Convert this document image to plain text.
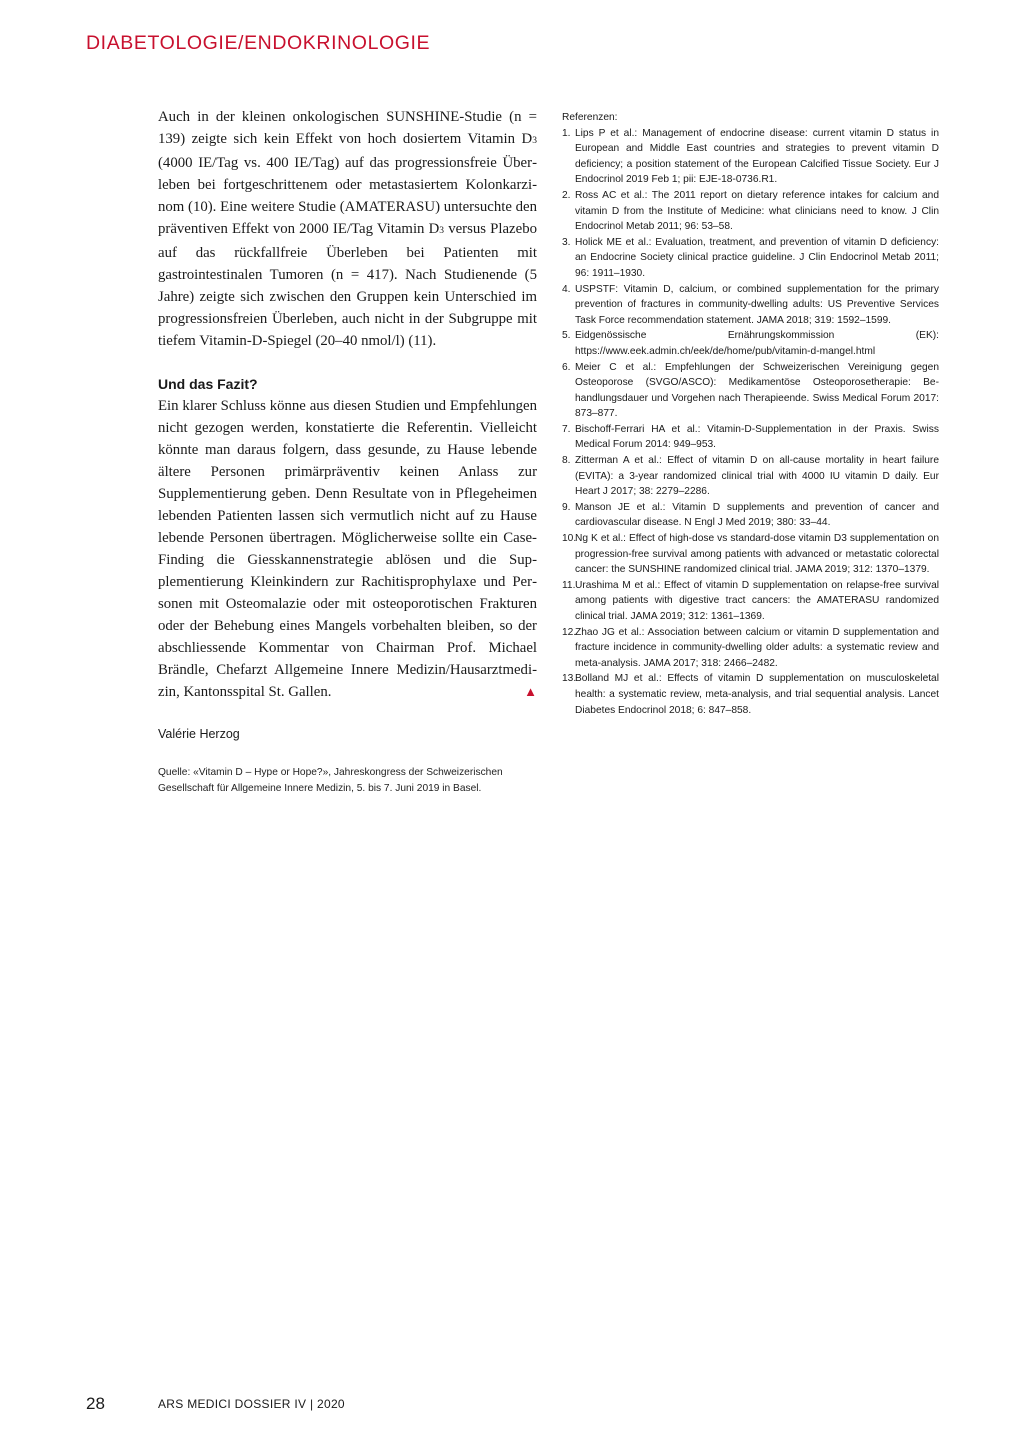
DIABETOLOGIE/ENDOKRINOLOGIE

Auch in der kleinen onkologischen SUNSHINE-Studie (n = 139) zeigte sich kein Effekt von hoch dosiertem Vitamin D3 (4000 IE/Tag vs. 400 IE/Tag) auf das progressionsfreie Überleben bei fortgeschrittenem oder metastasiertem Kolonkarzinom (10). Eine weitere Studie (AMATERASU) untersuchte den präventiven Effekt von 2000 IE/Tag Vitamin D3 versus Plazebo auf das rückfallfreie Überleben bei Patienten mit gastrointestinalen Tumoren (n = 417). Nach Studienende (5 Jahre) zeigte sich zwischen den Gruppen kein Unterschied im progressionsfreien Überleben, auch nicht in der Subgruppe mit tiefem Vitamin-D-Spiegel (20–40 nmol/l) (11).

Und das Fazit?

Ein klarer Schluss könne aus diesen Studien und Empfehlungen nicht gezogen werden, konstatierte die Referentin. Vielleicht könnte man daraus folgern, dass gesunde, zu Hause lebende ältere Personen primärpräventiv keinen Anlass zur Supplementierung geben. Denn Resultate von in Pflegeheimen lebenden Patienten lassen sich vermutlich nicht auf zu Hause lebende Personen übertragen. Möglicherweise sollte ein Case-Finding die Giesskannenstrategie ablösen und die Supplementierung Kleinkindern zur Rachitisprophylaxe und Personen mit Osteomalazie oder mit osteoporotischen Frakturen oder der Behebung eines Mangels vorbehalten bleiben, so der abschliessende Kommentar von Chairman Prof. Michael Brändle, Chefarzt Allgemeine Innere Medizin/Hausarztmedizin, Kantonsspital St. Gallen.	▲

Valérie Herzog
Quelle: «Vitamin D – Hype or Hope?», Jahreskongress der Schweizerischen Gesellschaft für Allgemeine Innere Medizin, 5. bis 7. Juni 2019 in Basel.

Referenzen:

1. Lips P et al.: Management of endocrine disease: current vitamin D status in European and Middle East countries and strategies to prevent vitamin D deficiency; a position statement of the European Calcified Tissue Society. Eur J Endocrinol 2019 Feb 1; pii: EJE-18-0736.R1.
2. Ross AC et al.: The 2011 report on dietary reference intakes for calcium and vitamin D from the Institute of Medicine: what clinicians need to know. J Clin Endocrinol Metab 2011; 96: 53–58.
3. Holick ME et al.: Evaluation, treatment, and prevention of vitamin D deficiency: an Endocrine Society clinical practice guideline. J Clin Endocrinol Metab 2011; 96: 1911–1930.
4. USPSTF: Vitamin D, calcium, or combined supplementation for the primary prevention of fractures in community-dwelling adults: US Preventive Services Task Force recommendation statement. JAMA 2018; 319: 1592–1599.
5. Eidgenössische Ernährungskommission (EK): https://www.eek.admin.ch/eek/de/home/pub/vitamin-d-mangel.html
6. Meier C et al.: Empfehlungen der Schweizerischen Vereinigung gegen Osteoporose (SVGO/ASCO): Medikamentöse Osteoporosetherapie: Behandlungsdauer und Vorgehen nach Therapieende. Swiss Medical Forum 2017: 873–877.
7. Bischoff-Ferrari HA et al.: Vitamin-D-Supplementation in der Praxis. Swiss Medical Forum 2014: 949–953.
8. Zitterman A et al.: Effect of vitamin D on all-cause mortality in heart failure (EVITA): a 3-year randomized clinical trial with 4000 IU vitamin D daily. Eur Heart J 2017; 38: 2279–2286.
9. Manson JE et al.: Vitamin D supplements and prevention of cancer and cardiovascular disease. N Engl J Med 2019; 380: 33–44.
10.
Ng K et al.: Effect of high-dose vs standard-dose vitamin D3 supplementation on progression-free survival among patients with advanced or metastatic colorectal cancer: the SUNSHINE randomized clinical trial. JAMA 2019; 312: 1370–1379.
11. Urashima M et al.: Effect of vitamin D supplementation on relapse-free survival among patients with digestive tract cancers: the AMATERASU randomized clinical trial. JAMA 2019; 312: 1361–1369.
12.
Zhao JG et al.: Association between calcium or vitamin D supplementation and fracture incidence in community-dwelling older adults: a systematic review and meta-analysis. JAMA 2017; 318: 2466–2482.
13.
Bolland MJ et al.: Effects of vitamin D supplementation on musculoskeletal health: a systematic review, meta-analysis, and trial sequential analysis. Lancet Diabetes Endocrinol 2018; 6: 847–858.
28	ARS MEDICI DOSSIER IV | 2020
